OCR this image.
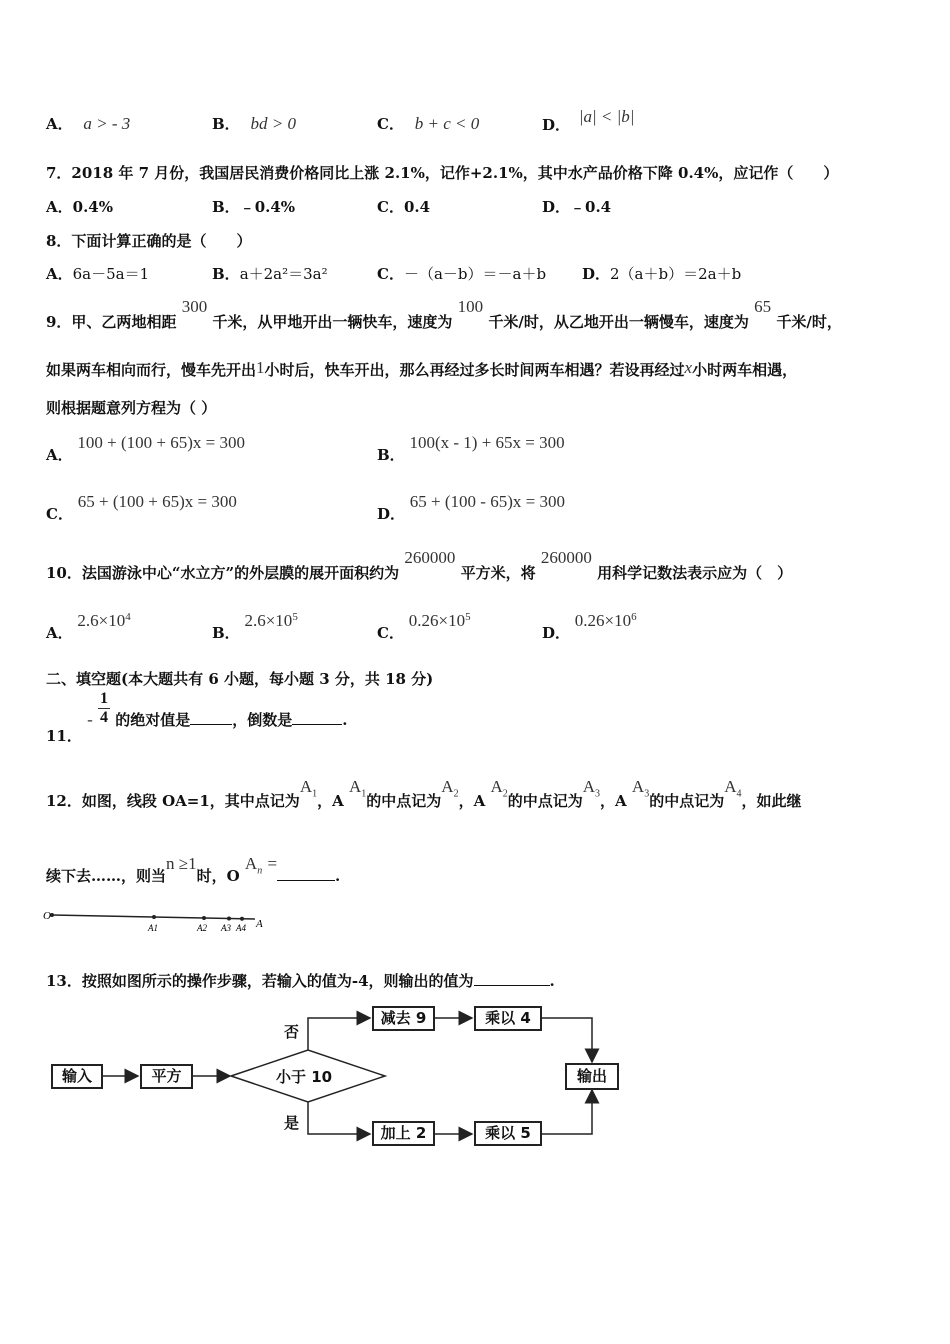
A． a > - 3	B． bd > 0	C． b + c < 0	D． |a| < |b|
7．2018 年 7 月份，我国居民消费价格同比上涨 2.1%，记作+2.1%，其中水产品价格下降 0.4%，应记作（　　）
A．0.4%	B．﹣0.4%	C．0.4	D．﹣0.4
8．下面计算正确的是（　　）
A．6a－5a＝1	B．a＋2a²＝3a²	C．－（a－b）＝－a＋b D．2（a＋b）＝2a＋b
9．甲、乙两地相距 300 千米，从甲地开出一辆快车，速度为 100 千米/时，从乙地开出一辆慢车，速度为 65 千米/时，
如果两车相向而行，慢车先开出1小时后，快车开出，那么再经过多长时间两车相遇？若设再经过x小时两车相遇，
则根据题意列方程为（ ）
A． 100 + (100 + 65)x = 300
B． 100(x - 1) + 65x = 300
C． 65 + (100 + 65)x = 300
D． 65 + (100 - 65)x = 300
10．法国游泳中心“水立方”的外层膜的展开面积约为 260000 平方米，将 260000 用科学记数法表示应为（　）
A． $2.6\times 10^4$
B． $2.6\times 10^5$
C． $0.26\times 10^5$
D． $0.26\times 10^6$
二、填空题(本大题共有 6 小题，每小题 3 分，共 18 分)
11． - $\frac{1}{4}$ 的绝对值是	，倒数是	.
12．如图，线段 OA=1，其中点记为$A_1$，A $A_1$的中点记为$A_2$，A $A_2$的中点记为$A_3$，A $A_3$的中点记为$A_4$，如此继
续下去……，则当n ≥1时，O $A_n$ =.
O
A
A1	A2 A3 A4
13．按照如图所示的操作步骤，若输入的值为-4，则输出的值为	.
输入	平方	小于 10
否
是
减去 9	乘以 4
加上 2	乘以 5
输出
